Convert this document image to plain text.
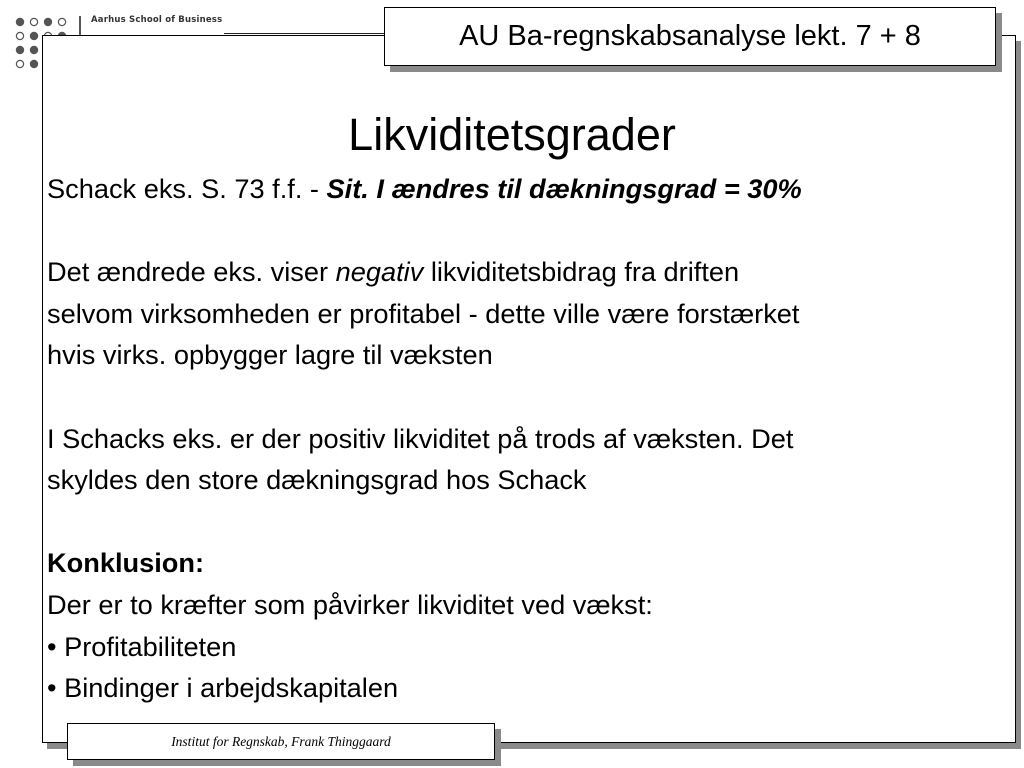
Aarhus School of Business	AU Ba-regnskabsanalyse lekt. 7 + 8
Likviditetsgrader

Schack eks. S. 73 f.f. - Sit. I ændres til dækningsgrad = 30%

Det ændrede eks. viser negativ likviditetsbidrag fra driften

selvom virksomheden er profitabel - dette ville være forstærket

hvis virks. opbygger lagre til væksten

I Schacks eks. er der positiv likviditet på trods af væksten. Det

skyldes den store dækningsgrad hos Schack

Konklusion:

Der er to kræfter som påvirker likviditet ved vækst:

• Profitabiliteten

• Bindinger i arbejdskapitalen

Institut for Regnskab, Frank Thinggaard
